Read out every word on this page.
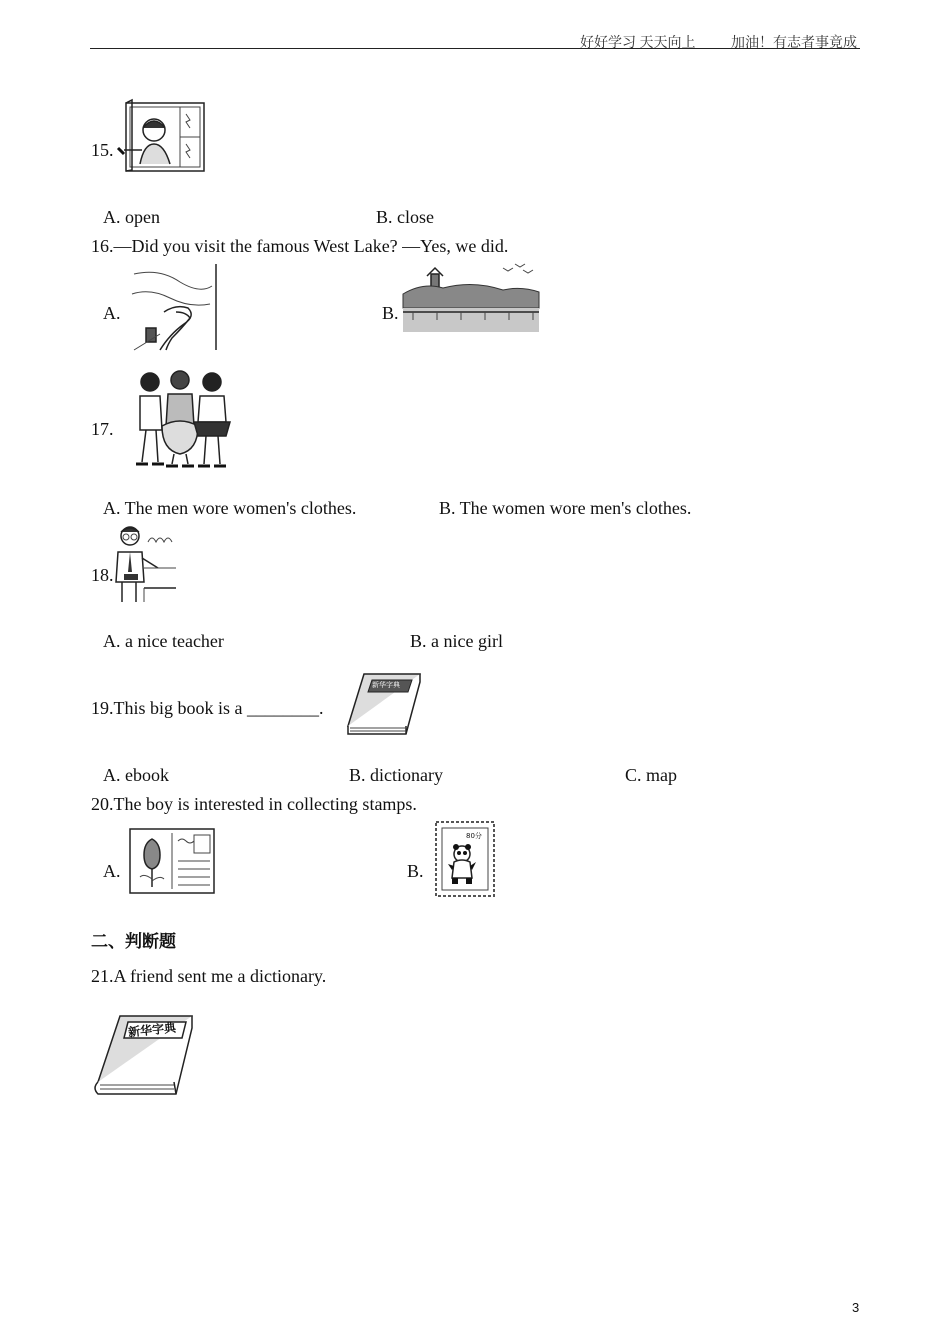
好好学习 天天向上	加油！有志者事竟成
15.
A. open	B. close
16.—Did you visit the famous West Lake? —Yes, we did.
A.	B.
17.
A. The men wore women's clothes.	B. The women wore men's clothes.
18.
A. a nice teacher	B. a nice girl
19.This big book is a ________.
新华字典
A. ebook	B. dictionary	C. map
20.The boy is interested in collecting stamps.
A.	B.
80分
二、判断题
21.A friend sent me a dictionary.
新华字典
3
